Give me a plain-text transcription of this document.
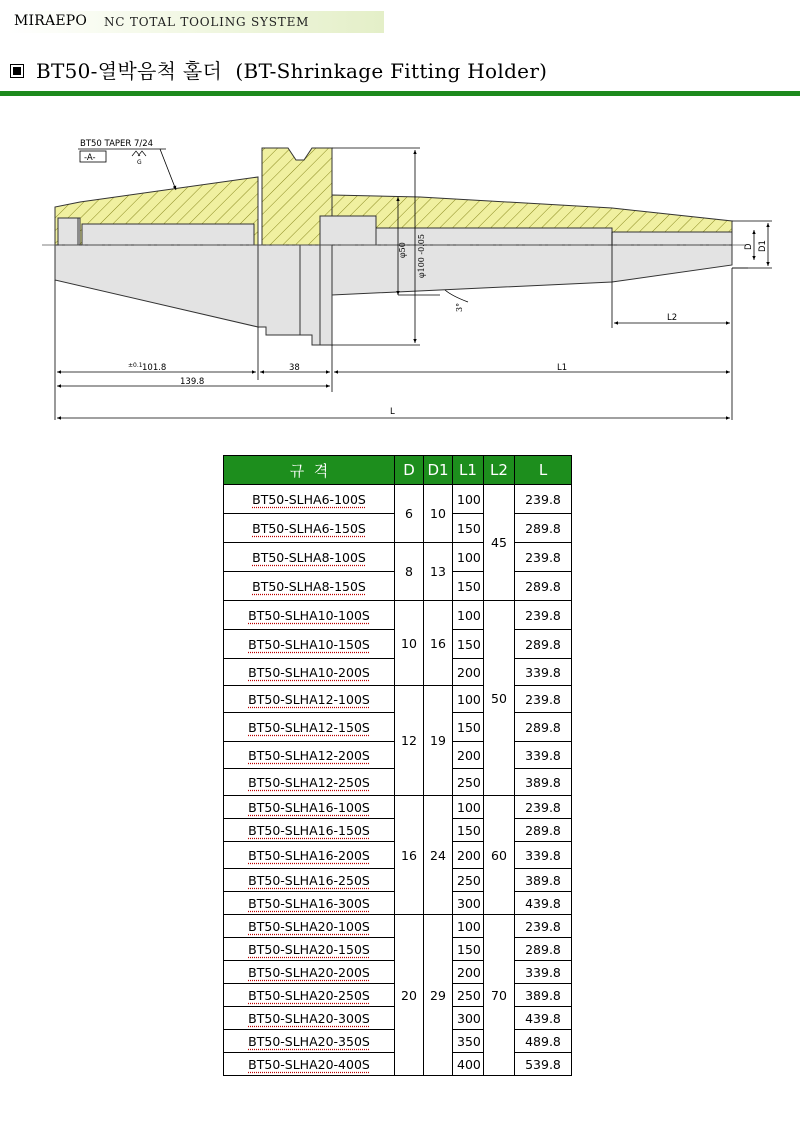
MIRAEPO NC TOTAL TOOLING SYSTEM
BT50-열박음척 홀더  (BT-Shrinkage Fitting Holder)
BT50 TAPER 7/24
-A-	G
φ50 φ100 -0.05
3°
D D1
L2
±0.1 101.8	38	L1
139.8
L
규  격	D	D1	L1	L2	L
BT50-SLHA6-100S	6	10	100	45	239.8
BT50-SLHA6-150S			150		289.8
BT50-SLHA8-100S	8	13	100		239.8
BT50-SLHA8-150S			150		289.8
BT50-SLHA10-100S	10	16	100	50	239.8
BT50-SLHA10-150S			150		289.8
BT50-SLHA10-200S			200		339.8
BT50-SLHA12-100S	12	19	100		239.8
BT50-SLHA12-150S			150		289.8
BT50-SLHA12-200S			200		339.8
BT50-SLHA12-250S			250		389.8
BT50-SLHA16-100S	16	24	100	60	239.8
BT50-SLHA16-150S			150		289.8
BT50-SLHA16-200S			200		339.8
BT50-SLHA16-250S			250		389.8
BT50-SLHA16-300S			300		439.8
BT50-SLHA20-100S	20	29	100	70	239.8
BT50-SLHA20-150S			150		289.8
BT50-SLHA20-200S			200		339.8
BT50-SLHA20-250S			250		389.8
BT50-SLHA20-300S			300		439.8
BT50-SLHA20-350S			350		489.8
BT50-SLHA20-400S			400		539.8
